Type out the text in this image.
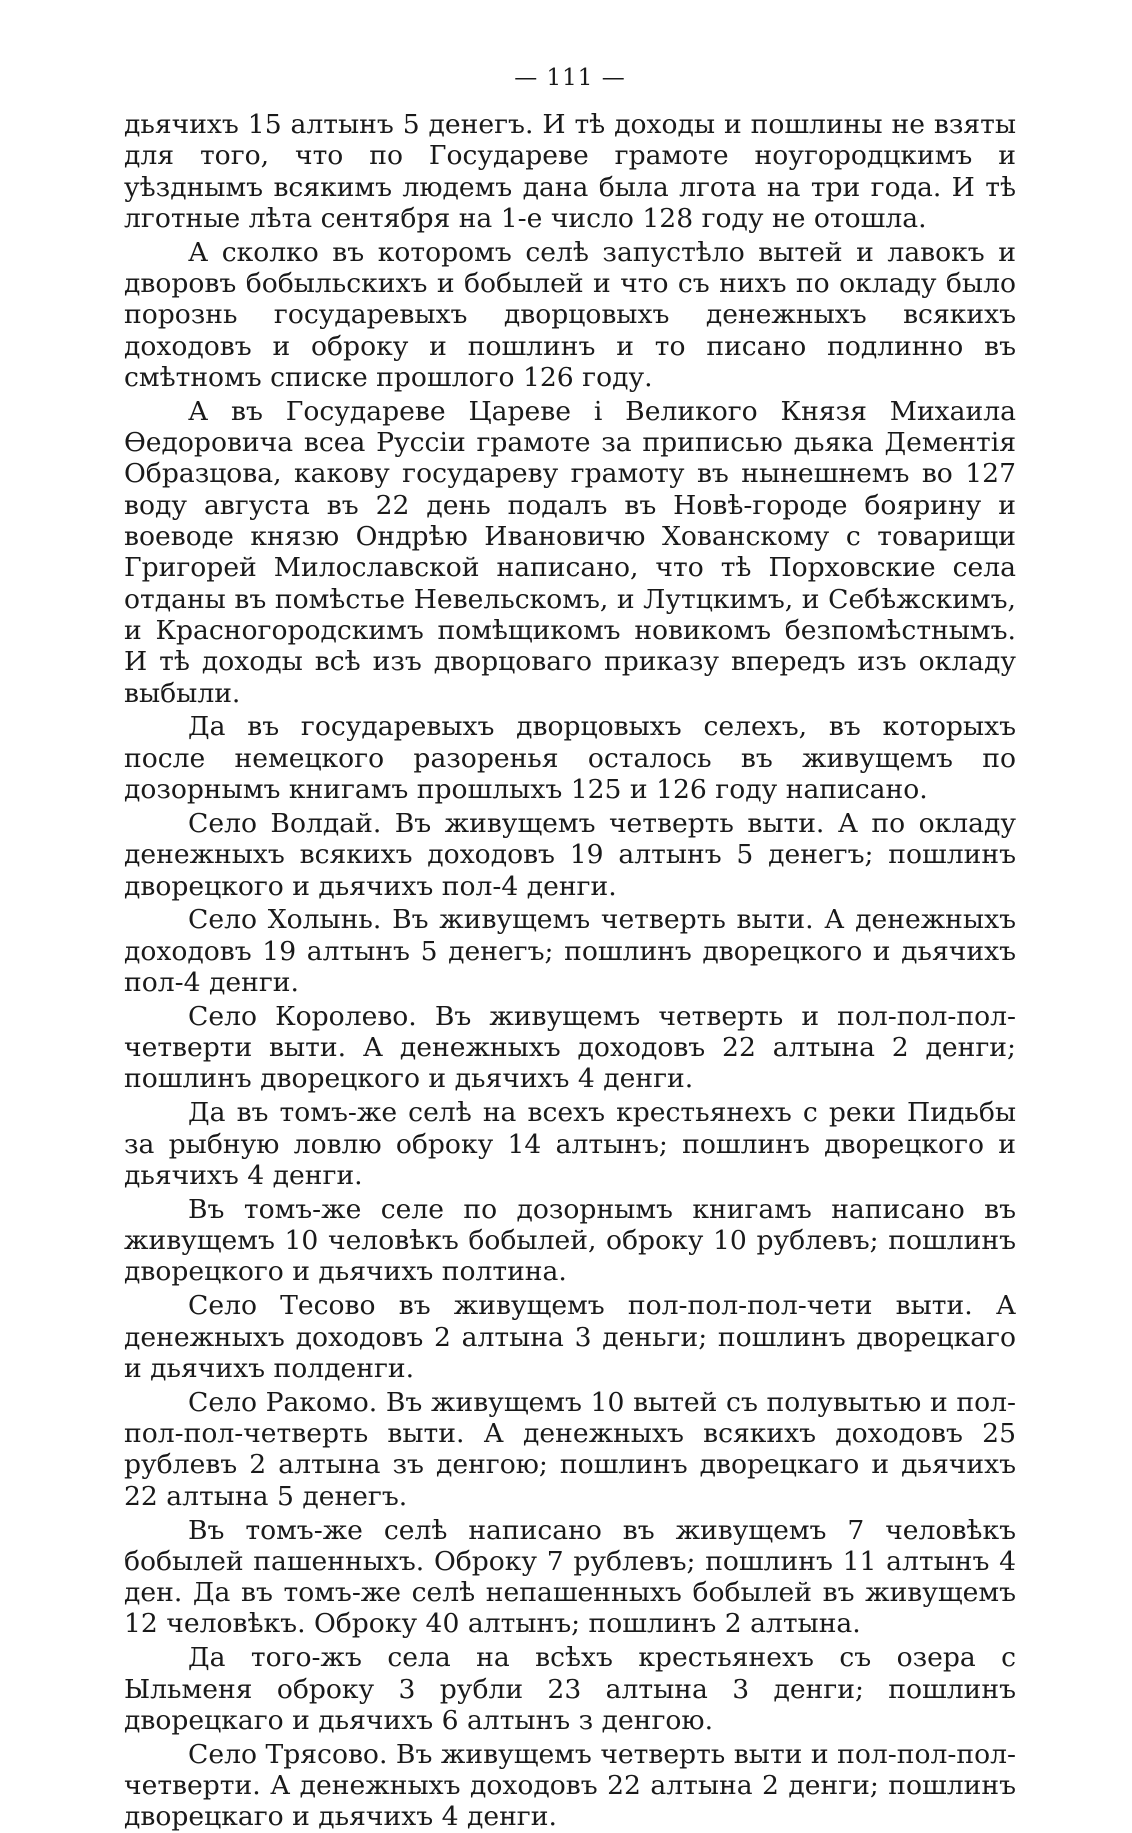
— 111 —

дьячихъ 15 алтынъ 5 денегъ. И тѣ доходы и пошлины не взяты для того, что по Государеве грамоте ноугородцкимъ и уѣзднымъ всякимъ людемъ дана была лгота на три года. И тѣ лготные лѣта сентября на 1-е число 128 году не отошла.

А сколко въ которомъ селѣ запустѣло вытей и лавокъ и дворовъ бобыльскихъ и бобылей и что съ нихъ по окладу было порознь государевыхъ дворцовыхъ денежныхъ всякихъ доходовъ и оброку и пошлинъ и то писано подлинно въ смѣтномъ списке прошлого 126 году.

А въ Государеве Цареве і Великого Князя Михаила Ѳедоровича всеа Руссіи грамоте за приписью дьяка Дементія Образцова, какову государеву грамоту въ нынешнемъ во 127 воду августа въ 22 день подалъ въ Новѣ-городе боярину и воеводе князю Ондрѣю Ивановичю Хованскому с товарищи Григорей Милославской написано, что тѣ Порховские села отданы въ помѣстье Невельскомъ, и Лутцкимъ, и Себѣжскимъ, и Красногородскимъ помѣщикомъ новикомъ безпомѣстнымъ. И тѣ доходы всѣ изъ дворцоваго приказу впередъ изъ окладу выбыли.

Да въ государевыхъ дворцовыхъ селехъ, въ которыхъ после немецкого разоренья осталось въ живущемъ по дозорнымъ книгамъ прошлыхъ 125 и 126 году написано.

Село Волдай. Въ живущемъ четверть выти. А по окладу денежныхъ всякихъ доходовъ 19 алтынъ 5 денегъ; пошлинъ дворецкого и дьячихъ пол-4 денги.

Село Холынь. Въ живущемъ четверть выти. А денежныхъ доходовъ 19 алтынъ 5 денегъ; пошлинъ дворецкого и дьячихъ пол-4 денги.

Село Королево. Въ живущемъ четверть и пол-пол-пол-четверти выти. А денежныхъ доходовъ 22 алтына 2 денги; пошлинъ дворецкого и дьячихъ 4 денги.

Да въ томъ-же селѣ на всехъ крестьянехъ с реки Пидьбы за рыбную ловлю оброку 14 алтынъ; пошлинъ дворецкого и дьячихъ 4 денги.

Въ томъ-же селе по дозорнымъ книгамъ написано въ живущемъ 10 человѣкъ бобылей, оброку 10 рублевъ; пошлинъ дворецкого и дьячихъ полтина.

Село Тесово въ живущемъ пол-пол-пол-чети выти. А денежныхъ доходовъ 2 алтына 3 деньги; пошлинъ дворецкаго и дьячихъ полденги.

Село Ракомо. Въ живущемъ 10 вытей съ полувытью и пол-пол-пол-четверть выти. А денежныхъ всякихъ доходовъ 25 рублевъ 2 алтына зъ денгою; пошлинъ дворецкаго и дьячихъ 22 алтына 5 денегъ.

Въ томъ-же селѣ написано въ живущемъ 7 человѣкъ бобылей пашенныхъ. Оброку 7 рублевъ; пошлинъ 11 алтынъ 4 ден. Да въ томъ-же селѣ непашенныхъ бобылей въ живущемъ 12 человѣкъ. Оброку 40 алтынъ; пошлинъ 2 алтына.

Да того-жъ села на всѣхъ крестьянехъ съ озера с Ыльменя оброку 3 рубли 23 алтына 3 денги; пошлинъ дворецкаго и дьячихъ 6 алтынъ з денгою.

Село Трясово. Въ живущемъ четверть выти и пол-пол-пол-четверти. А денежныхъ доходовъ 22 алтына 2 денги; пошлинъ дворецкаго и дьячихъ 4 денги.
